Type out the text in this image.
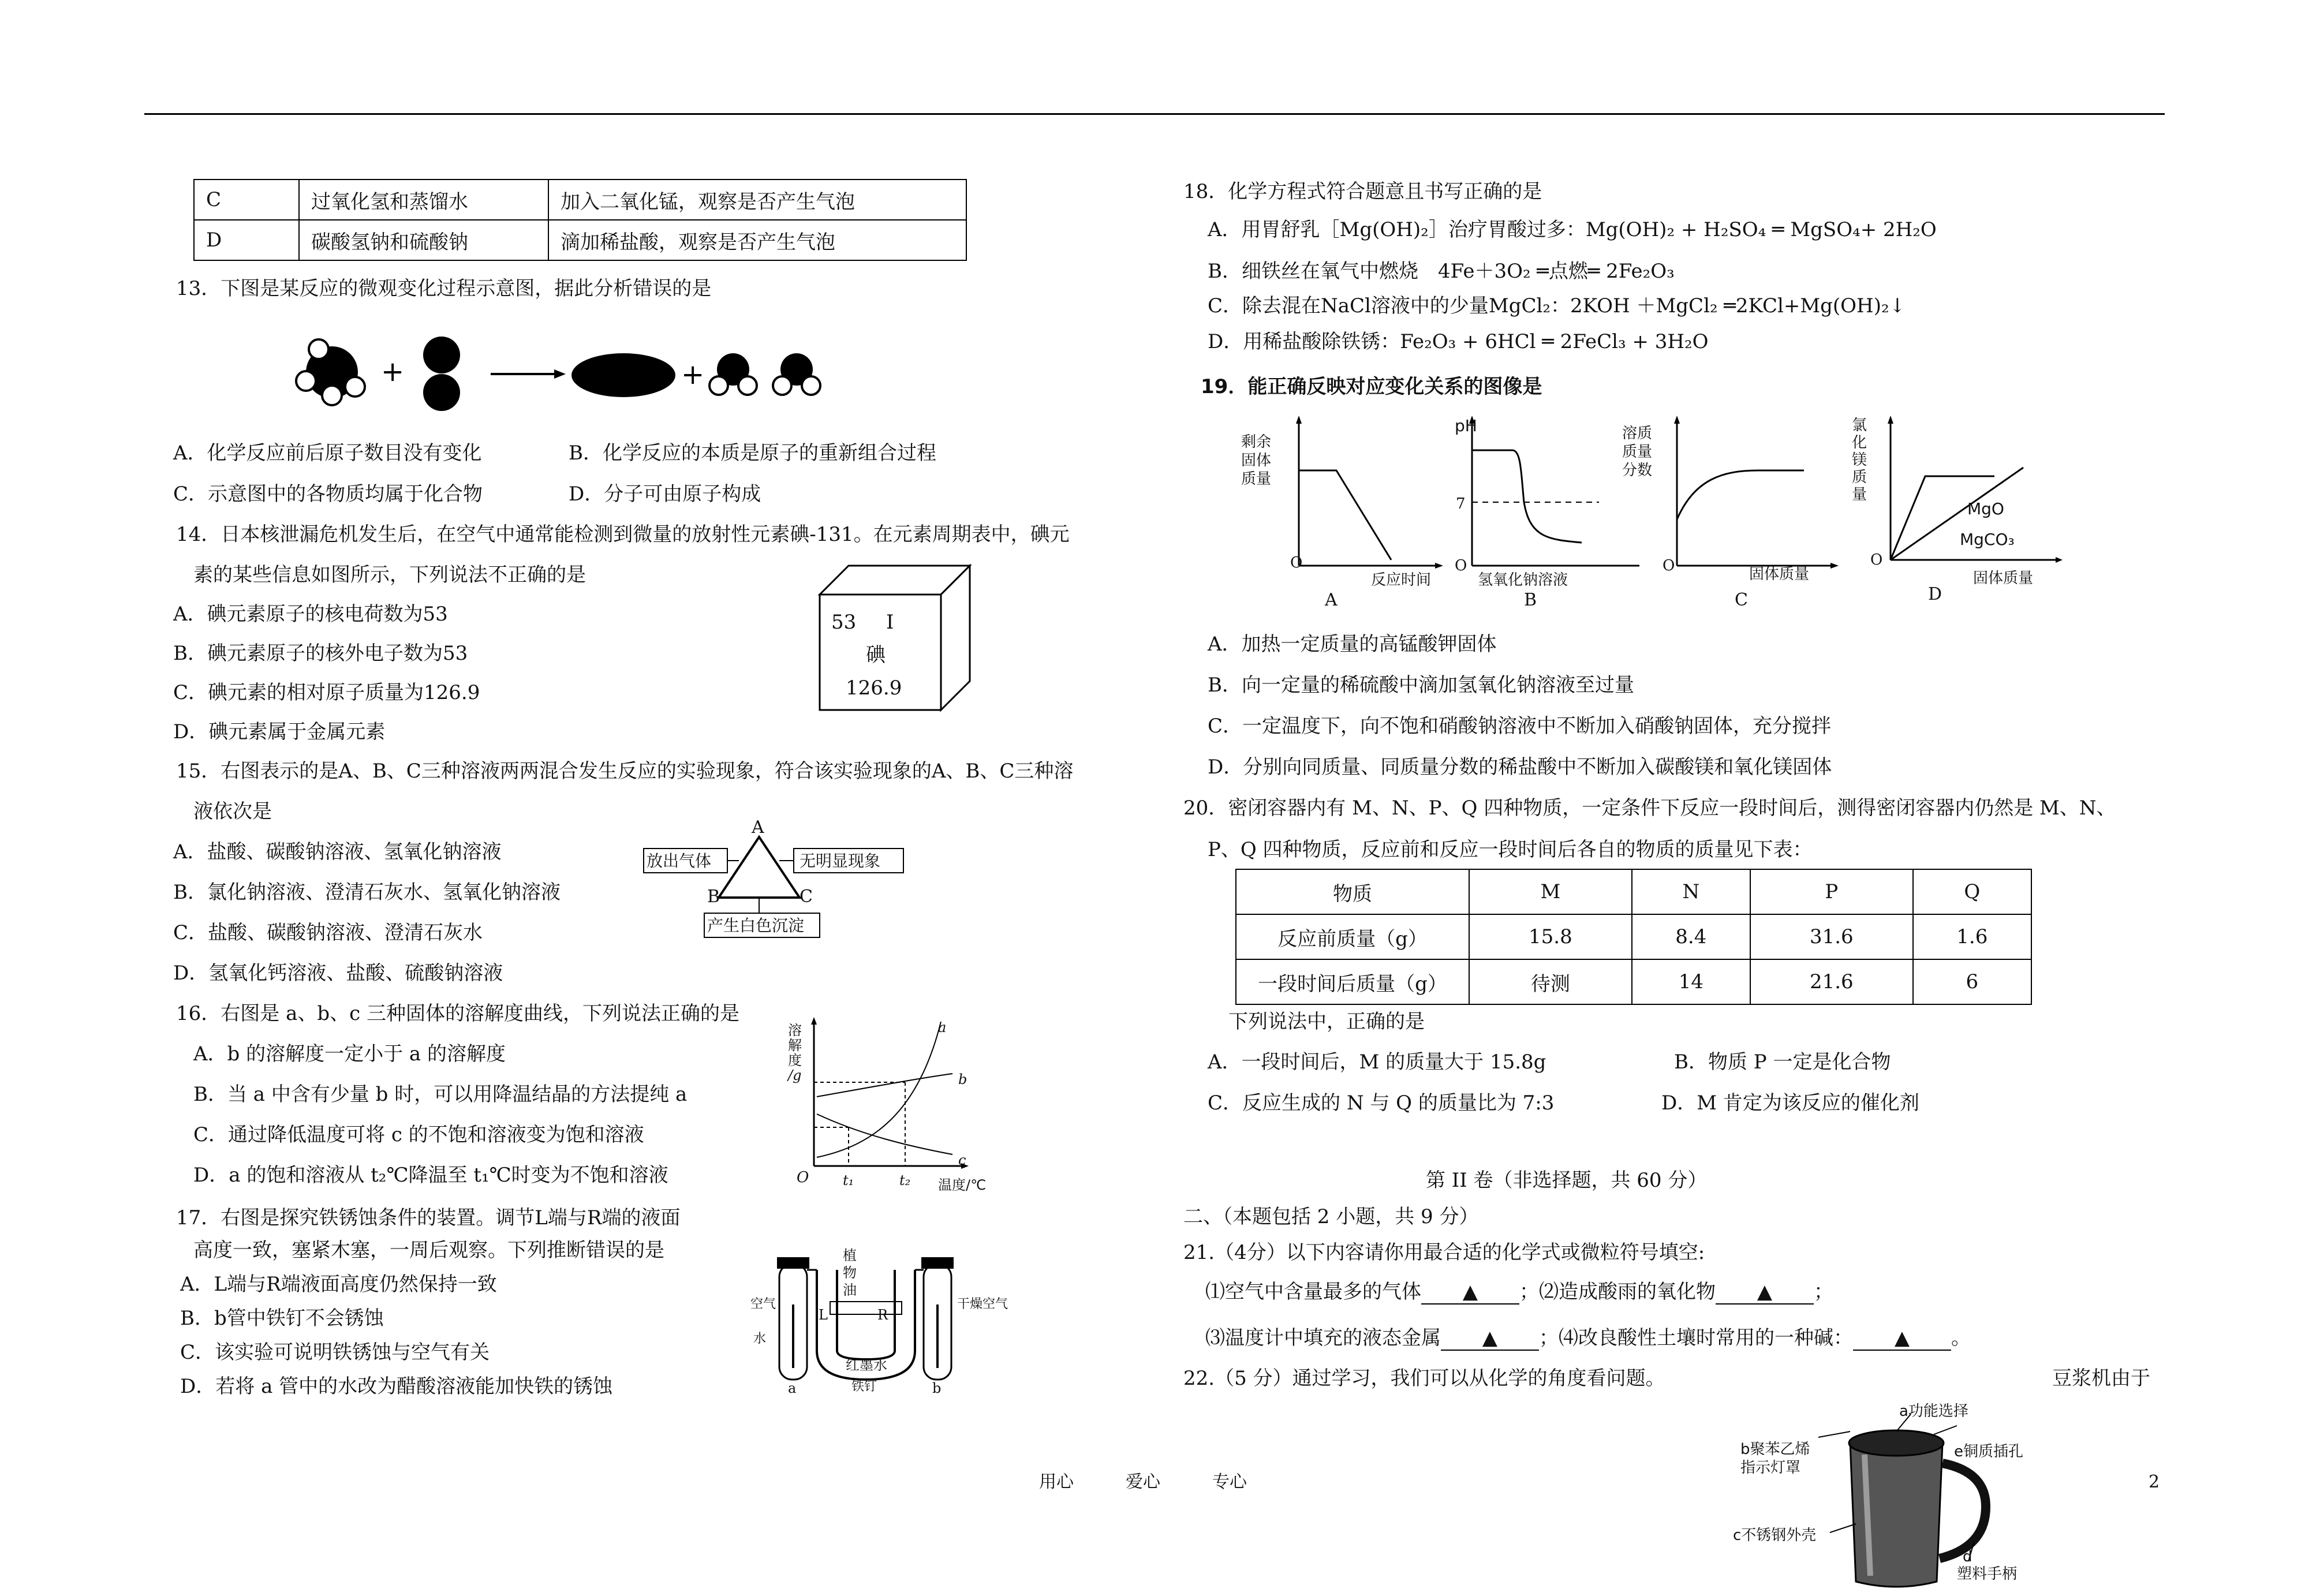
C	过氧化氢和蒸馏水	加入二氧化锰，观察是否产生气泡
D	碳酸氢钠和硫酸钠	滴加稀盐酸，观察是否产生气泡
13．下图是某反应的微观变化过程示意图，据此分析错误的是
+	+
A．化学反应前后原子数目没有变化	B．化学反应的本质是原子的重新组合过程
C．示意图中的各物质均属于化合物	D．分子可由原子构成
14．日本核泄漏危机发生后，在空气中通常能检测到微量的放射性元素碘-131。在元素周期表中，碘元
素的某些信息如图所示，下列说法不正确的是
A．碘元素原子的核电荷数为53
B．碘元素原子的核外电子数为53
C．碘元素的相对原子质量为126.9
D．碘元素属于金属元素
53 I
碘
126.9
15．右图表示的是A、B、C三种溶液两两混合发生反应的实验现象，符合该实验现象的A、B、C三种溶
液依次是
A．盐酸、碳酸钠溶液、氢氧化钠溶液
B．氯化钠溶液、澄清石灰水、氢氧化钠溶液
C．盐酸、碳酸钠溶液、澄清石灰水
D．氢氧化钙溶液、盐酸、硫酸钠溶液
A
B	C
放出气体	无明显现象
产生白色沉淀
16．右图是 a、b、c 三种固体的溶解度曲线，下列说法正确的是
A．b 的溶解度一定小于 a 的溶解度
B．当 a 中含有少量 b 时，可以用降温结晶的方法提纯 a
C．通过降低温度可将 c 的不饱和溶液变为饱和溶液
D．a 的饱和溶液从 t₂℃降温至 t₁℃时变为不饱和溶液
溶
解
度
/g
O t₁	t₂ 温度/℃
a
b
c
17．右图是探究铁锈蚀条件的装置。调节L端与R端的液面
高度一致，塞紧木塞，一周后观察。下列推断错误的是
A．L端与R端液面高度仍然保持一致
B．b管中铁钉不会锈蚀
C．该实验可说明铁锈蚀与空气有关
D．若将 a 管中的水改为醋酸溶液能加快铁的锈蚀
空气
水
植物油
L	R
干燥空气
红墨水
铁钉
a	b
18．化学方程式符合题意且书写正确的是
A．用胃舒乳［Mg(OH)₂］治疗胃酸过多：Mg(OH)₂ + H₂SO₄ ═ MgSO₄+ 2H₂O
B．细铁丝在氧气中燃烧　4Fe＋3O₂ ═点燃═ 2Fe₂O₃
C．除去混在NaCl溶液中的少量MgCl₂：2KOH ＋MgCl₂ ═2KCl+Mg(OH)₂↓
D．用稀盐酸除铁锈：Fe₂O₃ + 6HCl ═ 2FeCl₃ + 3H₂O
19．能正确反映对应变化关系的图像是
剩余固体质量
O
反应时间
A
pH
7
O
氢氧化钠溶液
B
溶质质量分数
O	固体质量
C
氯化镁质量
O
MgO
MgCO₃
固体质量
D
A．加热一定质量的高锰酸钾固体
B．向一定量的稀硫酸中滴加氢氧化钠溶液至过量
C．一定温度下，向不饱和硝酸钠溶液中不断加入硝酸钠固体，充分搅拌
D．分别向同质量、同质量分数的稀盐酸中不断加入碳酸镁和氧化镁固体
20．密闭容器内有 M、N、P、Q 四种物质，一定条件下反应一段时间后，测得密闭容器内仍然是 M、N、
P、Q 四种物质，反应前和反应一段时间后各自的物质的质量见下表：
物质	M	N	P	Q
反应前质量（g）	15.8	8.4	31.6	1.6
一段时间后质量（g）	待测	14	21.6	6
下列说法中，正确的是
A．一段时间后，M 的质量大于 15.8g	B．物质 P 一定是化合物
C．反应生成的 N 与 Q 的质量比为 7:3	D．M 肯定为该反应的催化剂
第 II 卷（非选择题，共 60 分）
二、（本题包括 2 小题，共 9 分）
21.（4分）以下内容请你用最合适的化学式或微粒符号填空:
⑴空气中含量最多的气体 ▲ ；⑵造成酸雨的氧化物 ▲ ；
⑶温度计中填充的液态金属 ▲ ；⑷改良酸性土壤时常用的一种碱： ▲ 。
22.（5 分）通过学习，我们可以从化学的角度看问题。	豆浆机由于
a功能选择
b聚苯乙烯
指示灯罩
e铜质插孔
c不锈钢外壳
d
塑料手柄
用心　　　爱心　　　专心	2
